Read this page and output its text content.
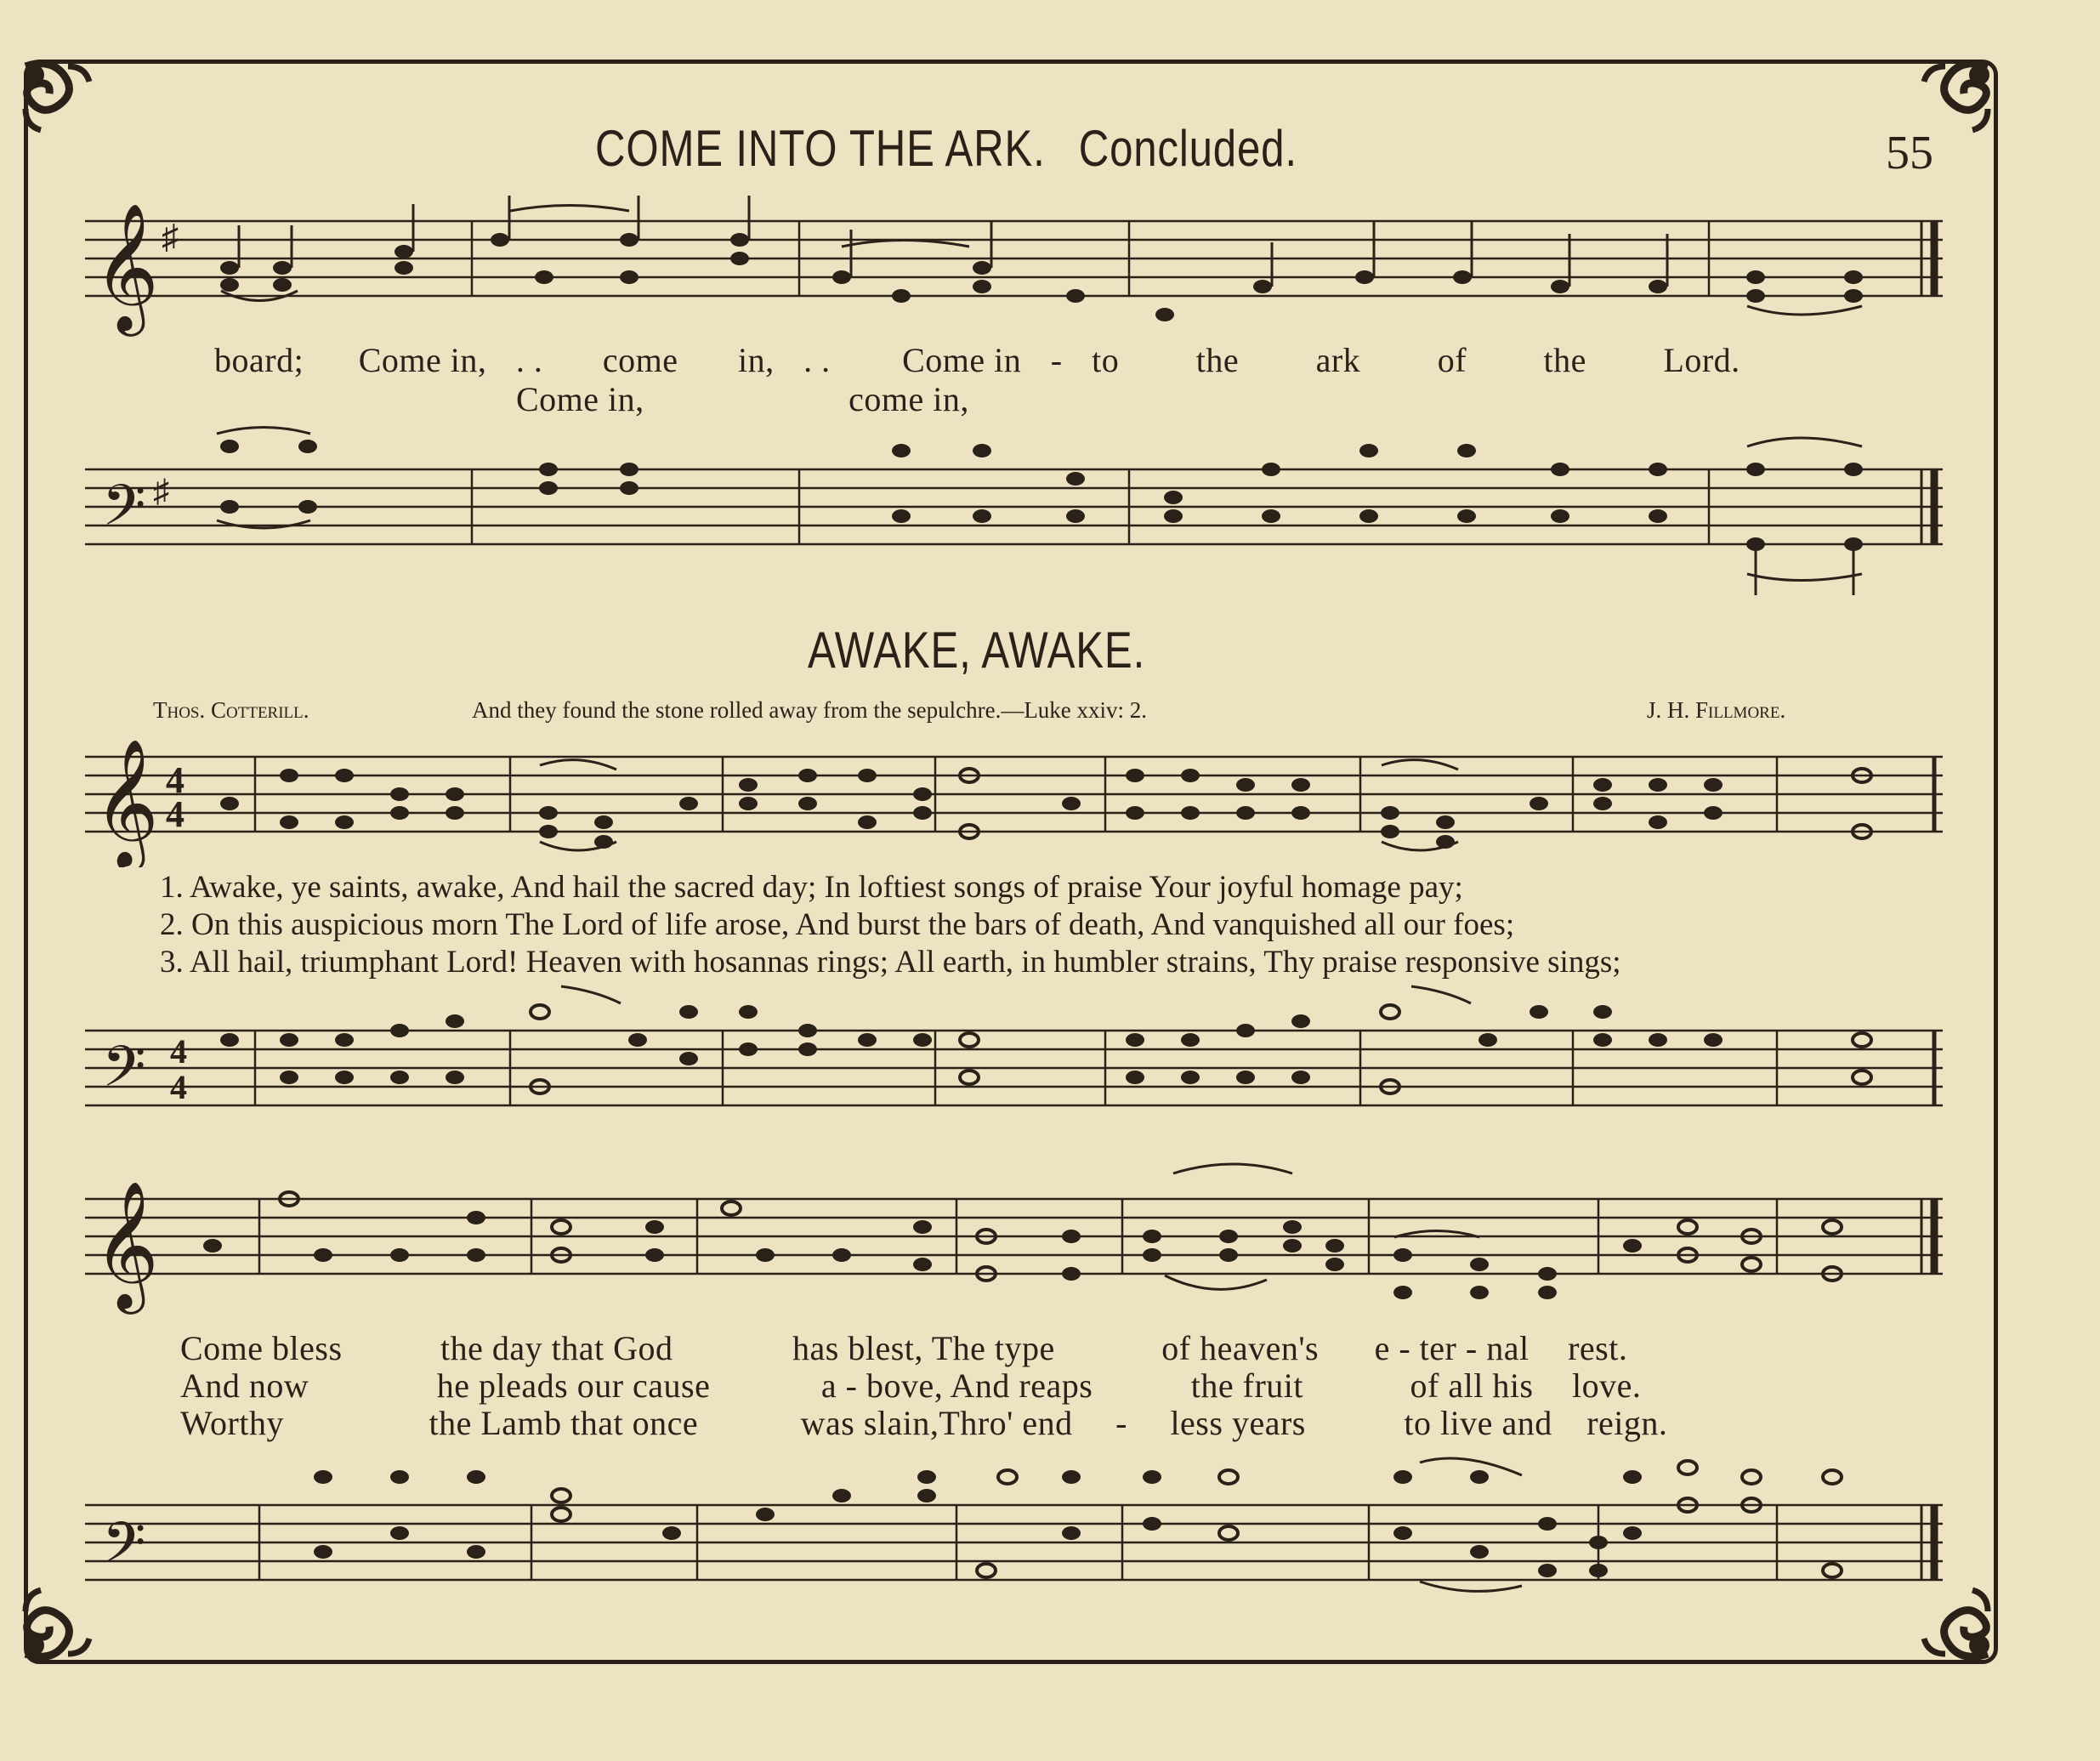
COME INTO THE ARK. Concluded.	55
𝄞 ♯
board; Come in, . . come in, . . Come in - to the ark of the Lord.
Come in,	come in,
𝄢 ♯
AWAKE, AWAKE.
Thos. Cotterill.	And they found the stone rolled away from the sepulchre.—Luke xxiv: 2.	J. H. Fillmore.
𝄞 4
4
1. Awake, ye saints, awake, And hail the sacred day; In loftiest songs of praise Your joyful homage pay;
2. On this auspicious morn The Lord of life arose, And burst the bars of death, And vanquished all our foes;
3. All hail, triumphant Lord! Heaven with hosannas rings; All earth, in humbler strains, Thy praise responsive sings;
𝄢 4
4
𝄞
Come bless	the day that God	has blest, The type	of heaven's e - ter - nal rest.
And now	he pleads our cause	a - bove, And reaps	the fruit	of all his love.
Worthy	the Lamb that once	was slain,Thro' end - less years	to live and reign.
𝄢
